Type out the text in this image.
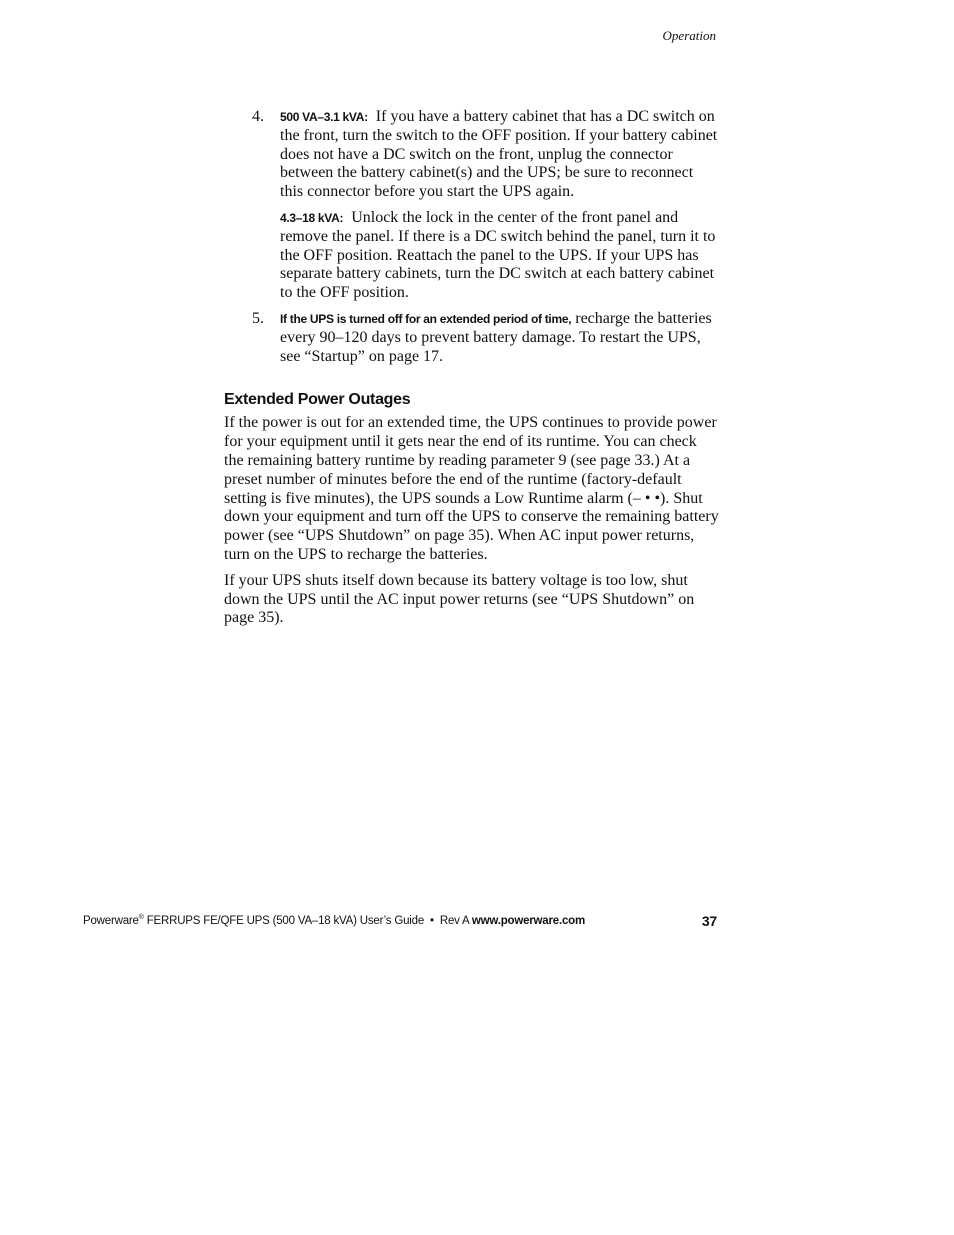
Operation
4. 500 VA–3.1 kVA: If you have a battery cabinet that has a DC switch on the front, turn the switch to the OFF position. If your battery cabinet does not have a DC switch on the front, unplug the connector between the battery cabinet(s) and the UPS; be sure to reconnect this connector before you start the UPS again.

4.3–18 kVA: Unlock the lock in the center of the front panel and remove the panel. If there is a DC switch behind the panel, turn it to the OFF position. Reattach the panel to the UPS. If your UPS has separate battery cabinets, turn the DC switch at each battery cabinet to the OFF position.

5. If the UPS is turned off for an extended period of time, recharge the batteries every 90–120 days to prevent battery damage. To restart the UPS, see “Startup” on page 17.

Extended Power Outages

If the power is out for an extended time, the UPS continues to provide power for your equipment until it gets near the end of its runtime. You can check the remaining battery runtime by reading parameter 9 (see page 33.) At a preset number of minutes before the end of the runtime (factory-default setting is five minutes), the UPS sounds a Low Runtime alarm (– • •). Shut down your equipment and turn off the UPS to conserve the remaining battery power (see “UPS Shutdown” on page 35). When AC input power returns, turn on the UPS to recharge the batteries.

If your UPS shuts itself down because its battery voltage is too low, shut down the UPS until the AC input power returns (see “UPS Shutdown” on page 35).

Powerware® FERRUPS FE/QFE UPS (500 VA–18 kVA) User’s Guide  •  Rev A www.powerware.com	37
